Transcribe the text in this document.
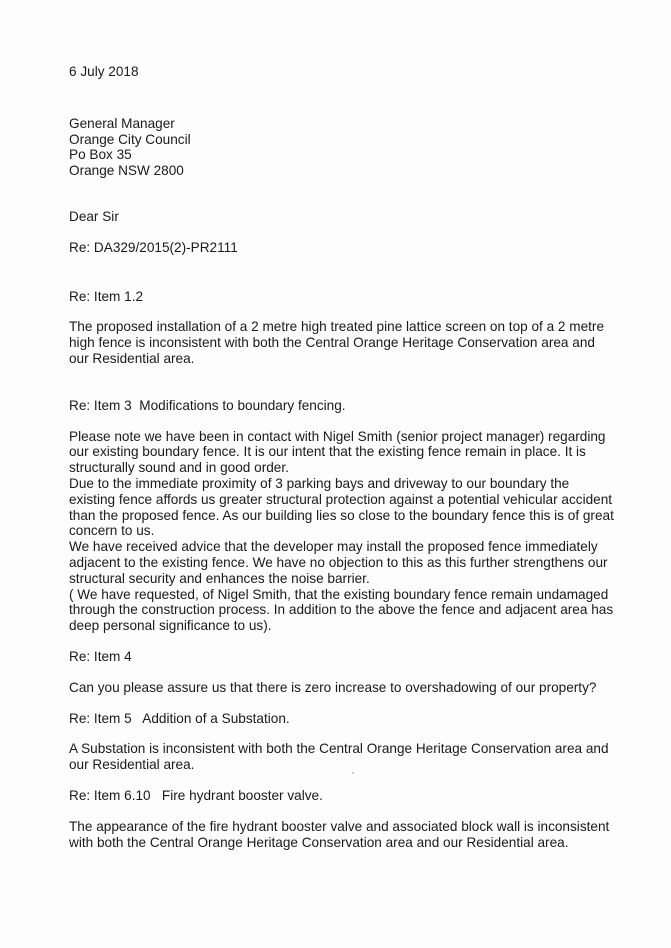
6 July 2018

General Manager
Orange City Council
Po Box 35
Orange NSW 2800

Dear Sir

Re: DA329/2015(2)-PR2111

Re: Item 1.2

The proposed installation of a 2 metre high treated pine lattice screen on top of a 2 metre
high fence is inconsistent with both the Central Orange Heritage Conservation area and
our Residential area.

Re: Item 3  Modifications to boundary fencing.

Please note we have been in contact with Nigel Smith (senior project manager) regarding
our existing boundary fence. It is our intent that the existing fence remain in place. It is
structurally sound and in good order.
Due to the immediate proximity of 3 parking bays and driveway to our boundary the
existing fence affords us greater structural protection against a potential vehicular accident
than the proposed fence. As our building lies so close to the boundary fence this is of great
concern to us.
We have received advice that the developer may install the proposed fence immediately
adjacent to the existing fence. We have no objection to this as this further strengthens our
structural security and enhances the noise barrier.
( We have requested, of Nigel Smith, that the existing boundary fence remain undamaged
through the construction process. In addition to the above the fence and adjacent area has
deep personal significance to us).

Re: Item 4

Can you please assure us that there is zero increase to overshadowing of our property?

Re: Item 5   Addition of a Substation.

A Substation is inconsistent with both the Central Orange Heritage Conservation area and
our Residential area.

Re: Item 6.10   Fire hydrant booster valve.

The appearance of the fire hydrant booster valve and associated block wall is inconsistent
with both the Central Orange Heritage Conservation area and our Residential area.
